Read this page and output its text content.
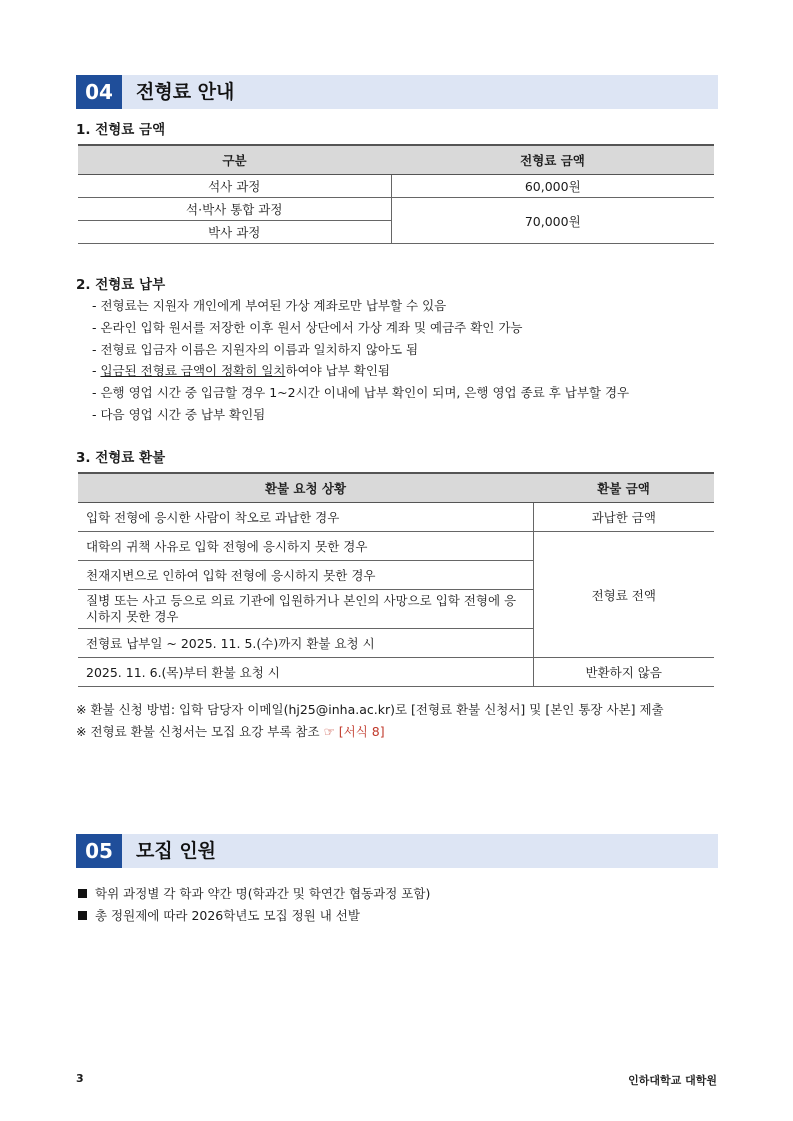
04	전형료 안내
1. 전형료 금액
구분	전형료 금액
석사 과정	60,000원
석·박사 통합 과정	70,000원
박사 과정	
2. 전형료 납부
- 전형료는 지원자 개인에게 부여된 가상 계좌로만 납부할 수 있음
- 온라인 입학 원서를 저장한 이후 원서 상단에서 가상 계좌 및 예금주 확인 가능
- 전형료 입금자 이름은 지원자의 이름과 일치하지 않아도 됨
- 입금된 전형료 금액이 정확히 일치하여야 납부 확인됨
- 은행 영업 시간 중 입금할 경우 1~2시간 이내에 납부 확인이 되며, 은행 영업 종료 후 납부할 경우
- 다음 영업 시간 중 납부 확인됨
3. 전형료 환불
환불 요청 상황	환불 금액
입학 전형에 응시한 사람이 착오로 과납한 경우	과납한 금액
대학의 귀책 사유로 입학 전형에 응시하지 못한 경우	전형료 전액
천재지변으로 인하여 입학 전형에 응시하지 못한 경우	
질병 또는 사고 등으로 의료 기관에 입원하거나 본인의 사망으로 입학 전형에 응시하지 못한 경우	
전형료 납부일 ~ 2025. 11. 5.(수)까지 환불 요청 시	
2025. 11. 6.(목)부터 환불 요청 시	반환하지 않음
※ 환불 신청 방법: 입학 담당자 이메일(hj25@inha.ac.kr)로 [전형료 환불 신청서] 및 [본인 통장 사본] 제출
※ 전형료 환불 신청서는 모집 요강 부록 참조 ☞ [서식 8]
05	모집 인원
학위 과정별 각 학과 약간 명(학과간 및 학연간 협동과정 포함)
총 정원제에 따라 2026학년도 모집 정원 내 선발
3	인하대학교 대학원
